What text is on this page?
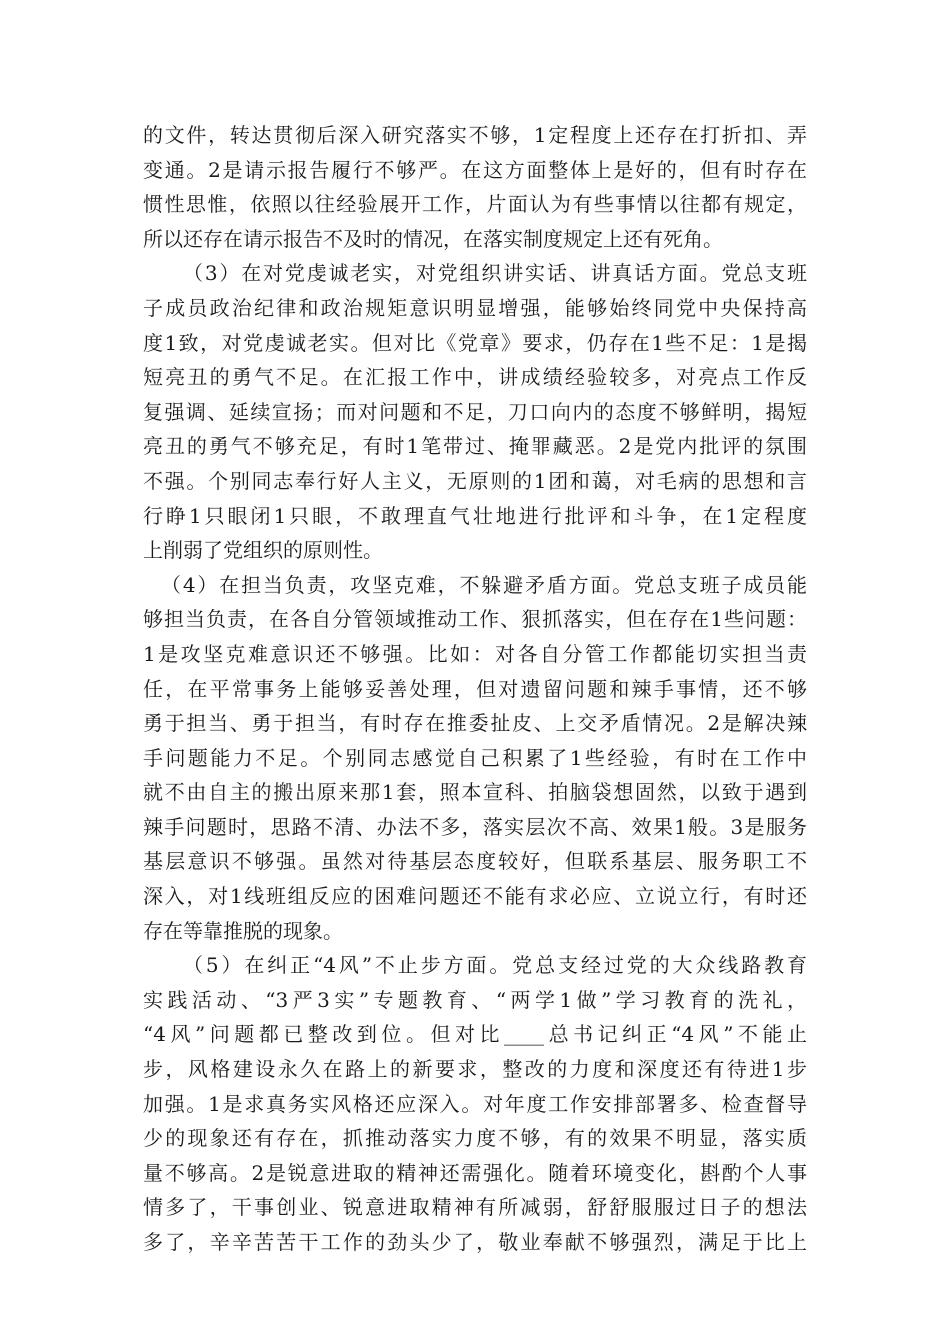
的文件，转达贯彻后深入研究落实不够，1定程度上还存在打折扣、弄
变通。2是请示报告履行不够严。在这方面整体上是好的，但有时存在
惯性思惟，依照以往经验展开工作，片面认为有些事情以往都有规定，
所以还存在请示报告不及时的情况，在落实制度规定上还有死角。
（3）在对党虔诚老实，对党组织讲实话、讲真话方面。党总支班
子成员政治纪律和政治规矩意识明显增强，能够始终同党中央保持高
度1致，对党虔诚老实。但对比《党章》要求，仍存在1些不足：1是揭
短亮丑的勇气不足。在汇报工作中，讲成绩经验较多，对亮点工作反
复强调、延续宣扬；而对问题和不足，刀口向内的态度不够鲜明，揭短
亮丑的勇气不够充足，有时1笔带过、掩罪藏恶。2是党内批评的氛围
不强。个别同志奉行好人主义，无原则的1团和蔼，对毛病的思想和言
行睁1只眼闭1只眼，不敢理直气壮地进行批评和斗争，在1定程度
上削弱了党组织的原则性。
（4）在担当负责，攻坚克难，不躲避矛盾方面。党总支班子成员能
够担当负责，在各自分管领域推动工作、狠抓落实，但在存在1些问题：
1是攻坚克难意识还不够强。比如：对各自分管工作都能切实担当责
任，在平常事务上能够妥善处理，但对遗留问题和辣手事情，还不够
勇于担当、勇于担当，有时存在推委扯皮、上交矛盾情况。2是解决辣
手问题能力不足。个别同志感觉自己积累了1些经验，有时在工作中
就不由自主的搬出原来那1套，照本宣科、拍脑袋想固然，以致于遇到
辣手问题时，思路不清、办法不多，落实层次不高、效果1般。3是服务
基层意识不够强。虽然对待基层态度较好，但联系基层、服务职工不
深入，对1线班组反应的困难问题还不能有求必应、立说立行，有时还
存在等靠推脱的现象。
（5）在纠正“4风”不止步方面。党总支经过党的大众线路教育
实践活动、“3严3实”专题教育、“两学1做”学习教育的洗礼，
“4风”问题都已整改到位。但对比____总书记纠正“4风”不能止
步，风格建设永久在路上的新要求，整改的力度和深度还有待进1步
加强。1是求真务实风格还应深入。对年度工作安排部署多、检查督导
少的现象还有存在，抓推动落实力度不够，有的效果不明显，落实质
量不够高。2是锐意进取的精神还需强化。随着环境变化，斟酌个人事
情多了，干事创业、锐意进取精神有所减弱，舒舒服服过日子的想法
多了，辛辛苦苦干工作的劲头少了，敬业奉献不够强烈，满足于比上
